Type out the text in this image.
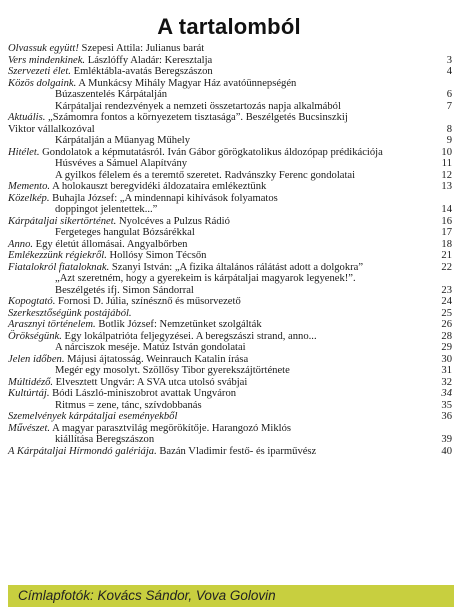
A tartalomból
Olvassuk együtt! Szepesi Attila: Julianus barát
Vers mindenkinek. Lászlóffy Aladár: Keresztalja	3
Szervezeti élet. Emléktábla-avatás Beregszászon	4
Közös dolgaink. A Munkácsy Mihály Magyar Ház avatóünnepségén
Búzaszentelés Kárpátalján	6
Kárpátaljai rendezvények a nemzeti összetartozás napja alkalmából	7
Aktuális. „Számomra fontos a környezetem tisztasága”. Beszélgetés Bucsinszkij
Viktor vállalkozóval	8
Kárpátalján a Műanyag Műhely	9
Hitélet. Gondolatok a képmutatásról. Iván Gábor görögkatolikus áldozópap prédikációja	10
Húsvéves a Sámuel Alapítvány	11
A gyilkos félelem és a teremtő szeretet. Radvánszky Ferenc gondolatai	12
Memento. A holokauszt beregvidéki áldozataira emlékeztünk	13
Közelkép. Buhajla József: „A mindennapi kihívások folyamatos
doppingot jelentettek...”	14
Kárpátaljai sikertörténet. Nyolcéves a Pulzus Rádió	16
Fergeteges hangulat Bózsárékkal	17
Anno. Egy életút állomásai. Angyalbőrben	18
Emlékezzünk régiekről. Hollósy Simon Técsőn	21
Fiatalokról fiataloknak. Szanyi István: „A fizika általános rálátást adott a dolgokra”	22
„Azt szeretném, hogy a gyerekeim is kárpátaljai magyarok legyenek!”.
Beszélgetés ifj. Simon Sándorral	23
Kopogtató. Fornosi D. Júlia, színésznő és műsorvezető	24
Szerkesztőségünk postájából.	25
Arasznyi történelem. Botlik József: Nemzetünket szolgálták	26
Örökségünk. Egy lokálpatrióta feljegyzései. A beregszászi strand, anno...	28
A nárciszok meséje. Matúz István gondolatai	29
Jelen időben. Májusi ájtatosság. Weinrauch Katalin írása	30
Megér egy mosolyt. Szöllősy Tibor gyerekszájtörténete	31
Múltidéző. Elvesztett Ungvár: A SVA utca utolsó svábjai	32
Kultúrtáj. Bódi László-miniszobrot avattak Ungváron	34
Ritmus = zene, tánc, szívdobbanás	35
Szemelvények kárpátaljai eseményekből	36
Művészet. A magyar parasztvilág megörökítője. Harangozó Miklós
kiállítása Beregszászon	39
A Kárpátaljai Hírmondó galériája. Bazán Vladimir festő- és iparművész	40
Címlapfotók: Kovács Sándor, Vova Golovin
